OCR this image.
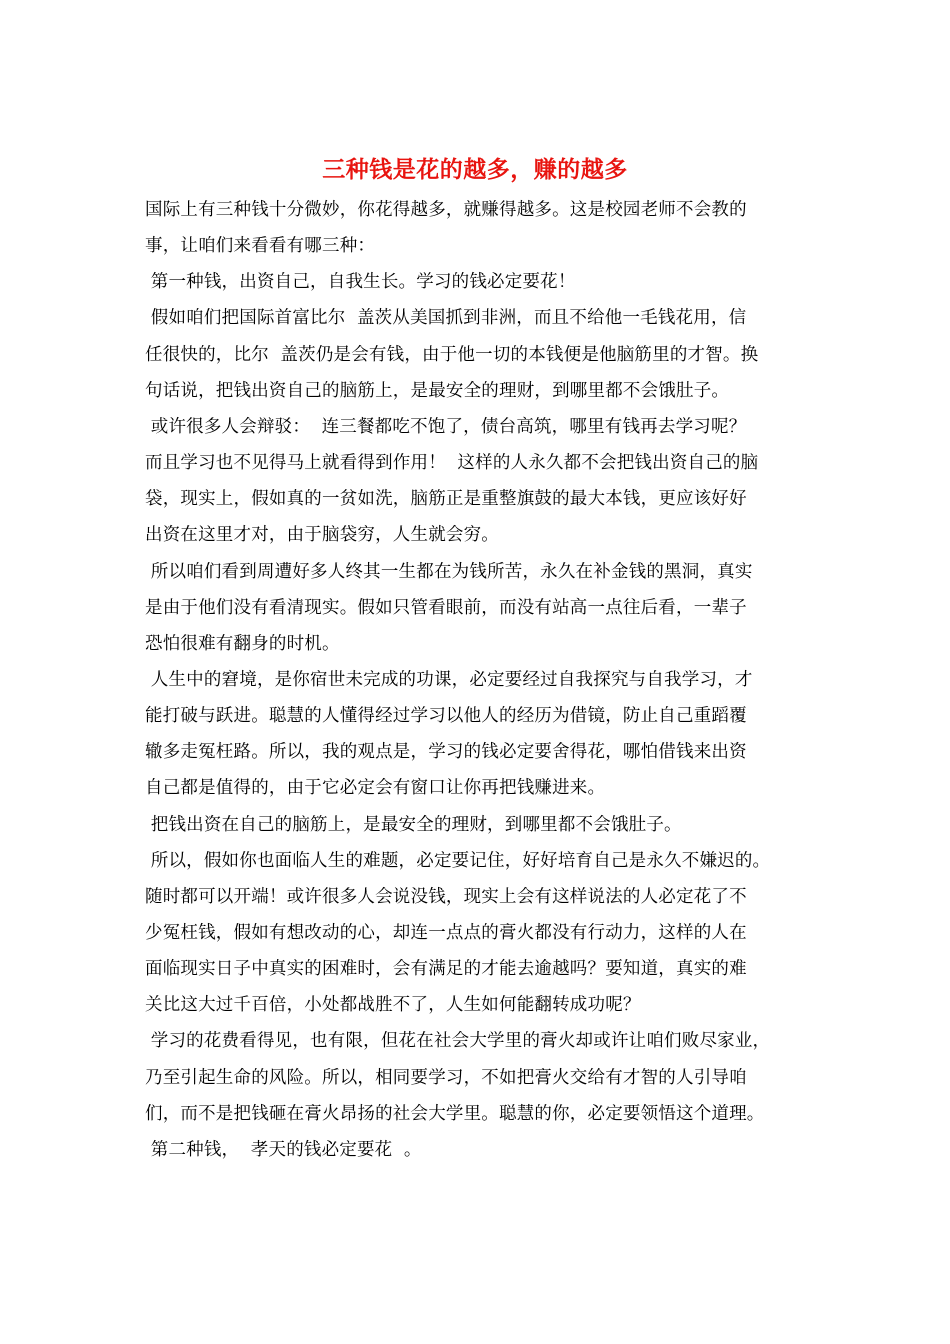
三种钱是花的越多，赚的越多
国际上有三种钱十分微妙，你花得越多，就赚得越多。这是校园老师不会教的
事，让咱们来看看有哪三种：
第一种钱，出资自己，自我生长。学习的钱必定要花！
假如咱们把国际首富比尔  盖茨从美国抓到非洲，而且不给他一毛钱花用，信
任很快的，比尔  盖茨仍是会有钱，由于他一切的本钱便是他脑筋里的才智。换
句话说，把钱出资自己的脑筋上，是最安全的理财，到哪里都不会饿肚子。
或许很多人会辩驳：  连三餐都吃不饱了，债台高筑，哪里有钱再去学习呢？
而且学习也不见得马上就看得到作用！  这样的人永久都不会把钱出资自己的脑
袋，现实上，假如真的一贫如洗，脑筋正是重整旗鼓的最大本钱，更应该好好
出资在这里才对，由于脑袋穷，人生就会穷。
所以咱们看到周遭好多人终其一生都在为钱所苦，永久在补金钱的黑洞，真实
是由于他们没有看清现实。假如只管看眼前，而没有站高一点往后看，一辈子
恐怕很难有翻身的时机。
人生中的窘境，是你宿世未完成的功课，必定要经过自我探究与自我学习，才
能打破与跃进。聪慧的人懂得经过学习以他人的经历为借镜，防止自己重蹈覆
辙多走冤枉路。所以，我的观点是，学习的钱必定要舍得花，哪怕借钱来出资
自己都是值得的，由于它必定会有窗口让你再把钱赚进来。
把钱出资在自己的脑筋上，是最安全的理财，到哪里都不会饿肚子。
所以，假如你也面临人生的难题，必定要记住，好好培育自己是永久不嫌迟的。
随时都可以开端！或许很多人会说没钱，现实上会有这样说法的人必定花了不
少冤枉钱，假如有想改动的心，却连一点点的膏火都没有行动力，这样的人在
面临现实日子中真实的困难时，会有满足的才能去逾越吗？要知道，真实的难
关比这大过千百倍，小处都战胜不了，人生如何能翻转成功呢？
学习的花费看得见，也有限，但花在社会大学里的膏火却或许让咱们败尽家业，
乃至引起生命的风险。所以，相同要学习，不如把膏火交给有才智的人引导咱
们，而不是把钱砸在膏火昂扬的社会大学里。聪慧的你，必定要领悟这个道理。
第二种钱，  孝天的钱必定要花  。
